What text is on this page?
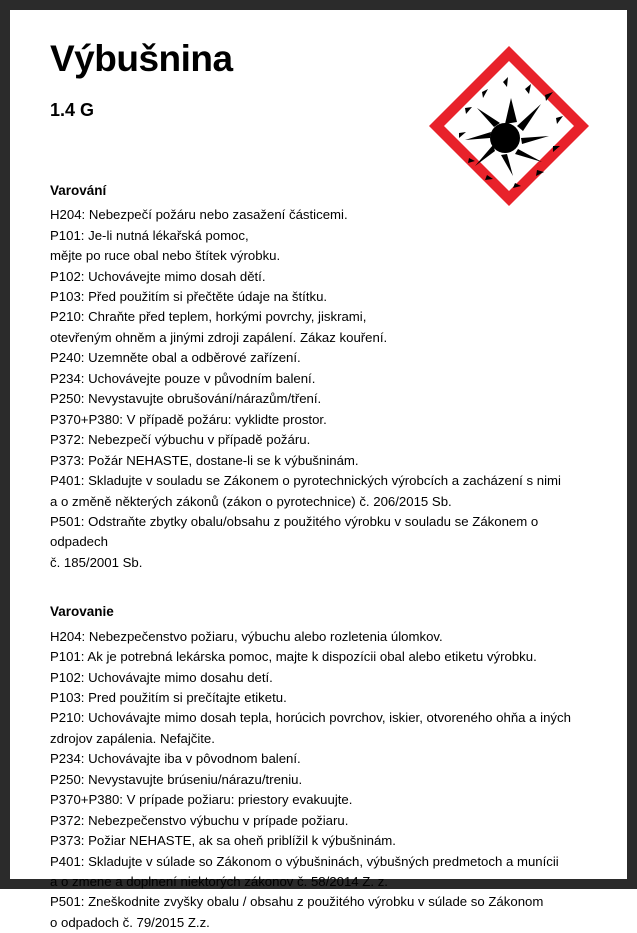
Výbušnina

1.4 G

Varování

H204: Nebezpečí požáru nebo zasažení částicemi.
P101: Je-li nutná lékařská pomoc,
mějte po ruce obal nebo štítek výrobku.
P102: Uchovávejte mimo dosah dětí.
P103: Před použitím si přečtěte údaje na štítku.
P210: Chraňte před teplem, horkými povrchy, jiskrami,
otevřeným ohněm a jinými zdroji zapálení. Zákaz kouření.
P240: Uzemněte obal a odběrové zařízení.
P234: Uchovávejte pouze v původním balení.
P250: Nevystavujte obrušování/nárazům/tření.
P370+P380: V případě požáru: vyklidte prostor.
P372: Nebezpečí výbuchu v případě požáru.
P373: Požár NEHASTE, dostane-li se k výbušninám.
P401: Skladujte v souladu se Zákonem o pyrotechnických výrobcích a zacházení s nimi
a o změně některých zákonů (zákon o pyrotechnice) č. 206/2015 Sb.
P501: Odstraňte zbytky obalu/obsahu z použitého výrobku v souladu se Zákonem o odpadech
č. 185/2001 Sb.

Varovanie

H204: Nebezpečenstvo požiaru, výbuchu alebo rozletenia úlomkov.
P101: Ak je potrebná lekárska pomoc, majte k dispozícii obal alebo etiketu výrobku.
P102: Uchovávajte mimo dosahu detí.
P103: Pred použitím si prečítajte etiketu.
P210: Uchovávajte mimo dosah tepla, horúcich povrchov, iskier, otvoreného ohňa a iných
zdrojov zapálenia. Nefajčite.
P234: Uchovávajte iba v pôvodnom balení.
P250: Nevystavujte brúseniu/nárazu/treniu.
P370+P380: V prípade požiaru: priestory evakuujte.
P372: Nebezpečenstvo výbuchu v prípade požiaru.
P373: Požiar NEHASTE, ak sa oheň priblížil k výbušninám.
P401: Skladujte v súlade so Zákonom o výbušninách, výbušných predmetoch a munícii
a o zmene a doplnení niektorých zákonov č. 58/2014 Z. z.
P501: Zneškodnite zvyšky obalu / obsahu z použitého výrobku v súlade so Zákonom
o odpadoch č. 79/2015 Z.z.
